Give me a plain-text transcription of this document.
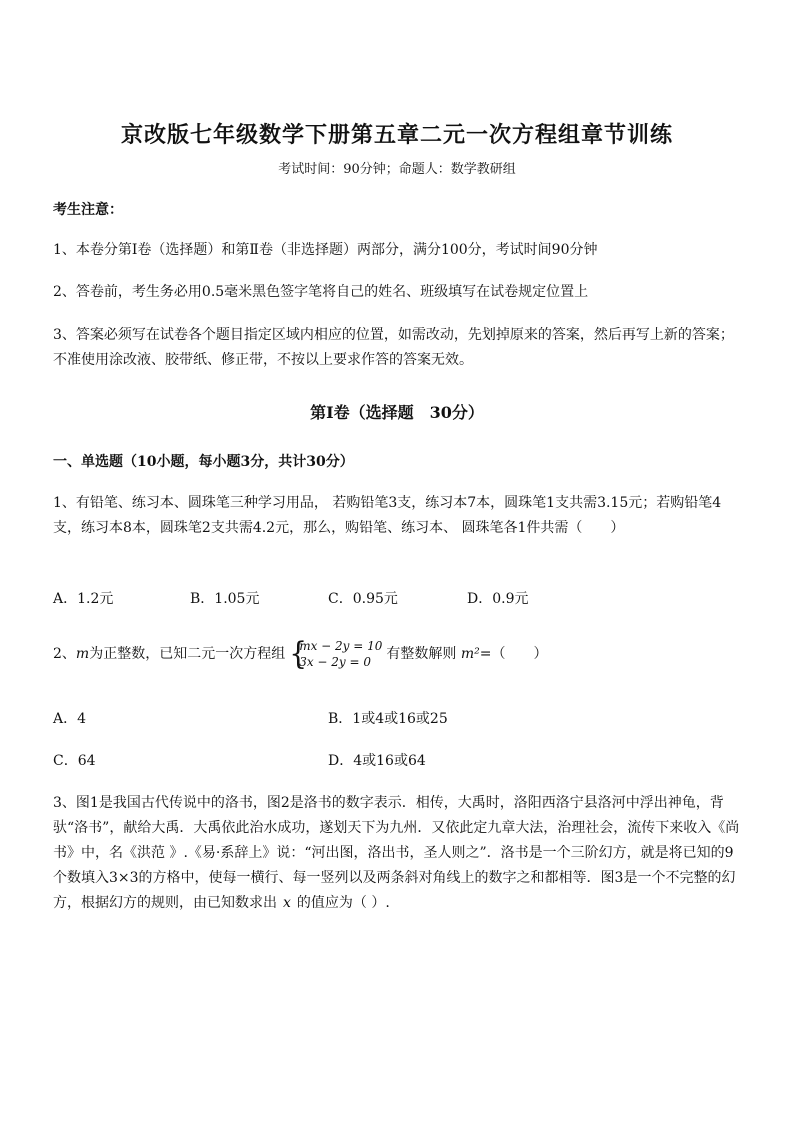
京改版七年级数学下册第五章二元一次方程组章节训练
考试时间：90分钟；命题人：数学教研组
考生注意：
1、本卷分第Ⅰ卷（选择题）和第Ⅱ卷（非选择题）两部分，满分100分，考试时间90分钟
2、答卷前，考生务必用0.5毫米黑色签字笔将自己的姓名、班级填写在试卷规定位置上
3、答案必须写在试卷各个题目指定区域内相应的位置，如需改动，先划掉原来的答案，然后再写上新的答案；不准使用涂改液、胶带纸、修正带，不按以上要求作答的答案无效。
第Ⅰ卷（选择题　30分）
一、单选题（10小题，每小题3分，共计30分）
1、有铅笔、练习本、圆珠笔三种学习用品， 若购铅笔3支，练习本7本，圆珠笔1支共需3.15元；若购铅笔4支，练习本8本，圆珠笔2支共需4.2元，那么，购铅笔、练习本、 圆珠笔各1件共需（　　）
A．1.2元	B．1.05元	C．0.95元	D．0.9元
2、m为正整数，已知二元一次方程组 {
mx − 2y = 10
3x − 2y = 0	有整数解则 m²=（　　）
A．4	B．1或4或16或25
C．64	D．4或16或64
3、图1是我国古代传说中的洛书，图2是洛书的数字表示．相传，大禹时，洛阳西洛宁县洛河中浮出神龟，背驮“洛书”，献给大禹．大禹依此治水成功，遂划天下为九州．又依此定九章大法，治理社会，流传下来收入《尚书》中，名《洪范 》.《易·系辞上》说：“河出图，洛出书，圣人则之”．洛书是一个三阶幻方，就是将已知的9个数填入3×3的方格中，使每一横行、每一竖列以及两条斜对角线上的数字之和都相等．图3是一个不完整的幻方，根据幻方的规则，由已知数求出 x 的值应为（ ）.
